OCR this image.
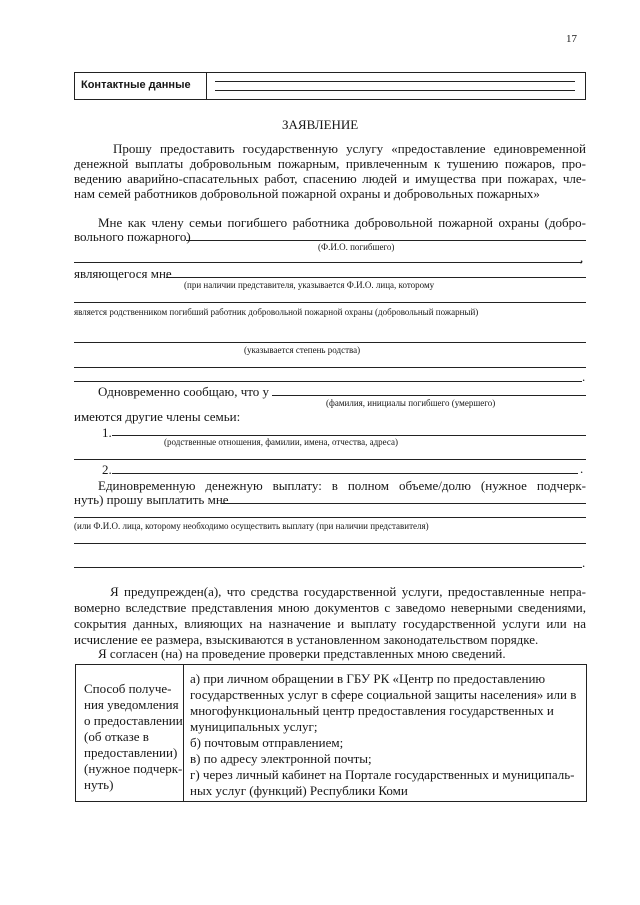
17
Контактные данные
ЗАЯВЛЕНИЕ
Прошу предоставить государственную услугу «предоставление единовременной
денежной выплаты добровольным пожарным, привлеченным к тушению пожаров, про-
ведению аварийно-спасательных работ, спасению людей и имущества при пожарах, чле-
нам семей работников добровольной пожарной охраны и добровольных пожарных»
Мне как члену семьи погибшего работника добровольной пожарной охраны (добро-
вольного пожарного)
(Ф.И.О. погибшего)
,
являющегося мне
(при наличии представителя, указывается Ф.И.О. лица, которому
является родственником погибший работник добровольной пожарной охраны (добровольный пожарный)
(указывается степень родства)
.
Одновременно сообщаю, что у
(фамилия, инициалы погибшего (умершего)
имеются другие члены семьи:
1.
(родственные отношения, фамилии, имена, отчества, адреса)
2.	.
Единовременную денежную выплату: в полном объеме/долю (нужное подчерк-
нуть) прошу выплатить мне
(или Ф.И.О. лица, которому необходимо осуществить выплату (при наличии представителя)
.
Я предупрежден(а), что средства государственной услуги, предоставленные непра-
вомерно вследствие представления мною документов с заведомо неверными сведениями,
сокрытия данных, влияющих на назначение и выплату государственной услуги или на
исчисление ее размера, взыскиваются в установленном законодательством порядке.
Я согласен (на) на проведение проверки представленных мною сведений.
Способ получе-
ния уведомления
о предоставлении
(об отказе в
предоставлении)
(нужное подчерк-
нуть)
а) при личном обращении в ГБУ РК «Центр по предоставлению
государственных услуг в сфере социальной защиты населения» или в
многофункциональный центр предоставления государственных и
муниципальных услуг;
б) почтовым отправлением;
в) по адресу электронной почты;
г) через личный кабинет на Портале государственных и муниципаль-
ных услуг (функций) Республики Коми
